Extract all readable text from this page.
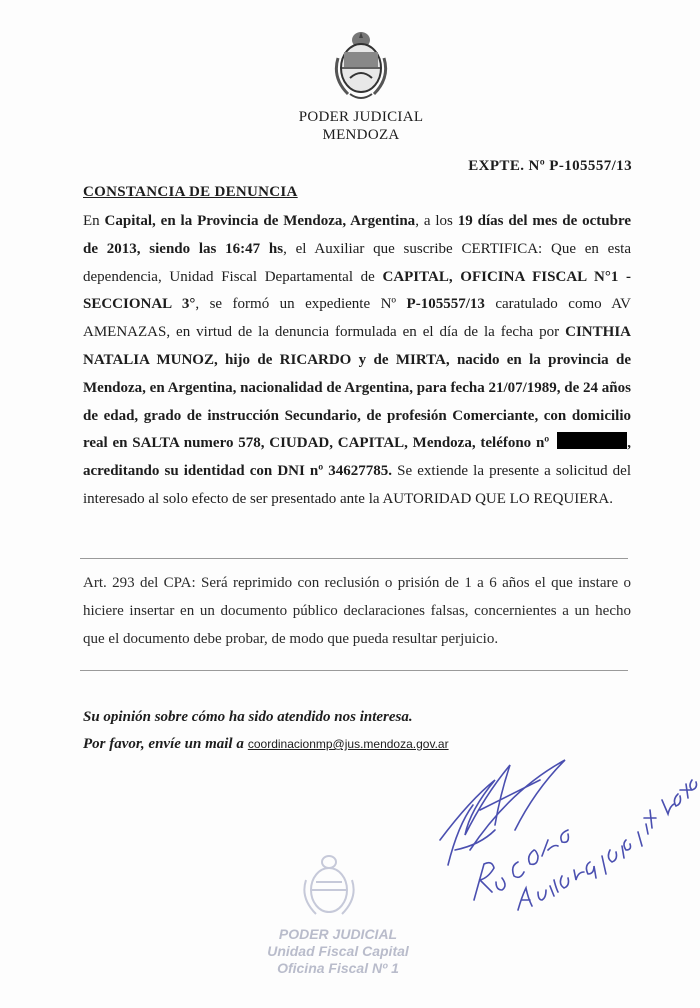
PODER JUDICIAL
MENDOZA
EXPTE. Nº P-105557/13
CONSTANCIA DE DENUNCIA
En Capital, en la Provincia de Mendoza, Argentina, a los 19 días del mes de octubre de 2013, siendo las 16:47 hs, el Auxiliar que suscribe CERTIFICA: Que en esta dependencia, Unidad Fiscal Departamental de CAPITAL, OFICINA FISCAL N°1 - SECCIONAL 3°, se formó un expediente Nº P-105557/13 caratulado como AV AMENAZAS, en virtud de la denuncia formulada en el día de la fecha por CINTHIA NATALIA MUNOZ, hijo de RICARDO y de MIRTA, nacido en la provincia de Mendoza, en Argentina, nacionalidad de Argentina, para fecha 21/07/1989, de 24 años de edad, grado de instrucción Secundario, de profesión Comerciante, con domicilio real en SALTA numero 578, CIUDAD, CAPITAL, Mendoza, teléfono nº	, acreditando su identidad con DNI nº 34627785. Se extiende la presente a solicitud del interesado al solo efecto de ser presentado ante la AUTORIDAD QUE LO REQUIERA.
Art. 293 del CPA: Será reprimido con reclusión o prisión de 1 a 6 años el que instare o hiciere insertar en un documento público declaraciones falsas, concernientes a un hecho que el documento debe probar, de modo que pueda resultar perjuicio.
Su opinión sobre cómo ha sido atendido nos interesa.
Por favor, envíe un mail a coordinacionmp@jus.mendoza.gov.ar
PODER JUDICIAL
Unidad Fiscal Capital
Oficina Fiscal Nº 1
